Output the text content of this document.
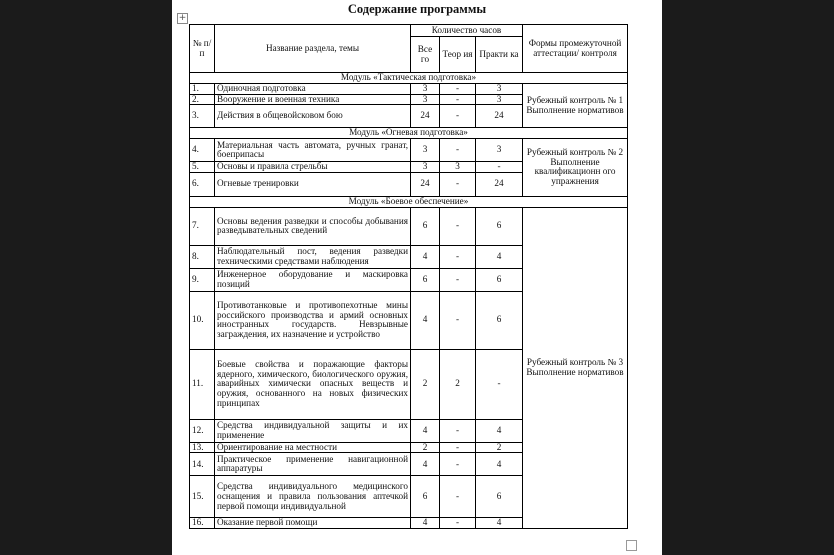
Содержание программы
+
№ п/п	Название раздела, темы	Количество часов			Формы промежуточной аттестации/ контроля
		Все го	Теор ия	Практи ка	
Модуль «Тактическая подготовка»					
1.	Одиночная подготовка	3	-	3	Рубежный контроль № 1 Выполнение нормативов
2.	Вооружение и военная техника	3	-	3	
3.	Действия в общевойсковом бою	24	-	24	
Модуль «Огневая подготовка»					
4.	Материальная часть автомата, ручных гранат, боеприпасы	3	-	3	Рубежный контроль № 2 Выполнение квалификационн ого упражнения
5.	Основы и правила стрельбы	3	3	-	
6.	Огневые тренировки	24	-	24	
Модуль «Боевое обеспечение»					
7.	Основы ведения разведки и способы добывания разведывательных сведений	6	-	6	Рубежный контроль № 3 Выполнение нормативов
8.	Наблюдательный пост, ведения разведки техническими средствами наблюдения	4	-	4	
9.	Инженерное оборудование и маскировка позиций	6	-	6	
10.	Противотанковые и противопехотные мины российского производства и армий основных иностранных государств. Невзрывные заграждения, их назначение и устройство	4	-	6	
11.	Боевые свойства и поражающие факторы ядерного, химического, биологического оружия, аварийных химически опасных веществ и оружия, основанного на новых физических принципах	2	2	-	
12.	Средства индивидуальной защиты и их применение	4	-	4	
13.	Ориентирование на местности	2	-	2	
14.	Практическое применение навигационной аппаратуры	4	-	4	
15.	Средства индивидуального медицинского оснащения и правила пользования аптечкой первой помощи индивидуальной	6	-	6	
16.	Оказание первой помощи	4	-	4	
